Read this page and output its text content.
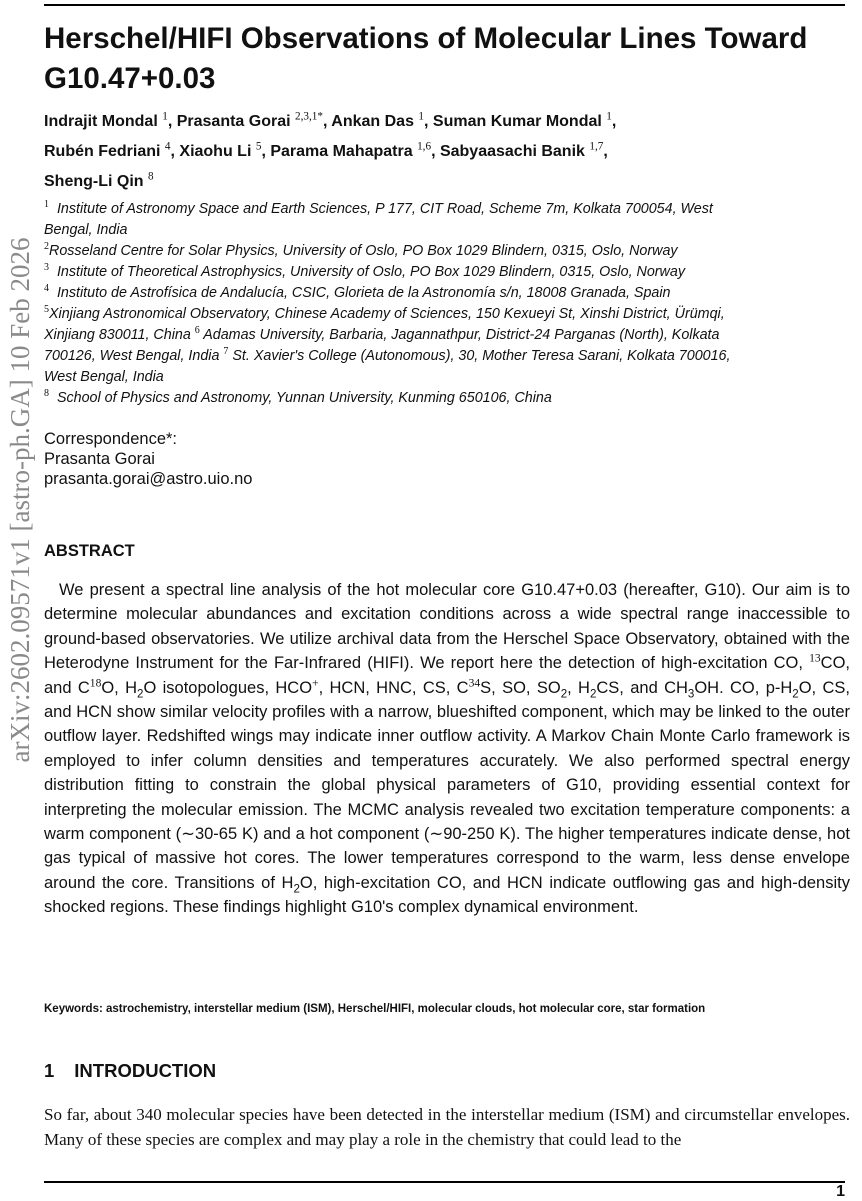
arXiv:2602.09571v1 [astro-ph.GA] 10 Feb 2026
Herschel/HIFI Observations of Molecular Lines Toward G10.47+0.03
Indrajit Mondal $^1$, Prasanta Gorai $^{2,3,1*}$, Ankan Das $^1$, Suman Kumar Mondal $^1$,
Rubén Fedriani $^4$, Xiaohu Li $^5$, Parama Mahapatra $^{1,6}$, Sabyaasachi Banik $^{1,7}$,
Sheng-Li Qin $^8$

$^1$ Institute of Astronomy Space and Earth Sciences, P 177, CIT Road, Scheme 7m, Kolkata 700054, West Bengal, India

$^2$Rosseland Centre for Solar Physics, University of Oslo, PO Box 1029 Blindern, 0315, Oslo, Norway

$^3$ Institute of Theoretical Astrophysics, University of Oslo, PO Box 1029 Blindern, 0315, Oslo, Norway

$^4$ Instituto de Astrofísica de Andalucía, CSIC, Glorieta de la Astronomía s/n, 18008 Granada, Spain

$^5$Xinjiang Astronomical Observatory, Chinese Academy of Sciences, 150 Kexueyi St, Xinshi District, Ürümqi, Xinjiang 830011, China $^6$ Adamas University, Barbaria, Jagannathpur, District-24 Parganas (North), Kolkata 700126, West Bengal, India $^7$ St. Xavier's College (Autonomous), 30, Mother Teresa Sarani, Kolkata 700016, West Bengal, India

$^8$ School of Physics and Astronomy, Yunnan University, Kunming 650106, China

Correspondence*:
Prasanta Gorai
prasanta.gorai@astro.uio.no
ABSTRACT

We present a spectral line analysis of the hot molecular core G10.47+0.03 (hereafter, G10). Our aim is to determine molecular abundances and excitation conditions across a wide spectral range inaccessible to ground-based observatories. We utilize archival data from the Herschel Space Observatory, obtained with the Heterodyne Instrument for the Far-Infrared (HIFI). We report here the detection of high-excitation CO, $^{13}$CO, and $C^{18}O$, $H_2O$ isotopologues, HCO+, HCN, HNC, CS, $C^{34}S$, SO, $SO_2$, $H_2CS$, and $CH_3OH$. CO, $p-H_2O$, CS, and HCN show similar velocity profiles with a narrow, blueshifted component, which may be linked to the outer outflow layer. Redshifted wings may indicate inner outflow activity. A Markov Chain Monte Carlo framework is employed to infer column densities and temperatures accurately. We also performed spectral energy distribution fitting to constrain the global physical parameters of G10, providing essential context for interpreting the molecular emission. The MCMC analysis revealed two excitation temperature components: a warm component (∼30-65 K) and a hot component (∼90-250 K). The higher temperatures indicate dense, hot gas typical of massive hot cores. The lower temperatures correspond to the warm, less dense envelope around the core. Transitions of $H_2O$, high-excitation CO, and HCN indicate outflowing gas and high-density shocked regions. These findings highlight G10's complex dynamical environment.

Keywords: astrochemistry, interstellar medium (ISM), Herschel/HIFI, molecular clouds, hot molecular core, star formation
1 INTRODUCTION

So far, about 340 molecular species have been detected in the interstellar medium (ISM) and circumstellar envelopes. Many of these species are complex and may play a role in the chemistry that could lead to the

1
